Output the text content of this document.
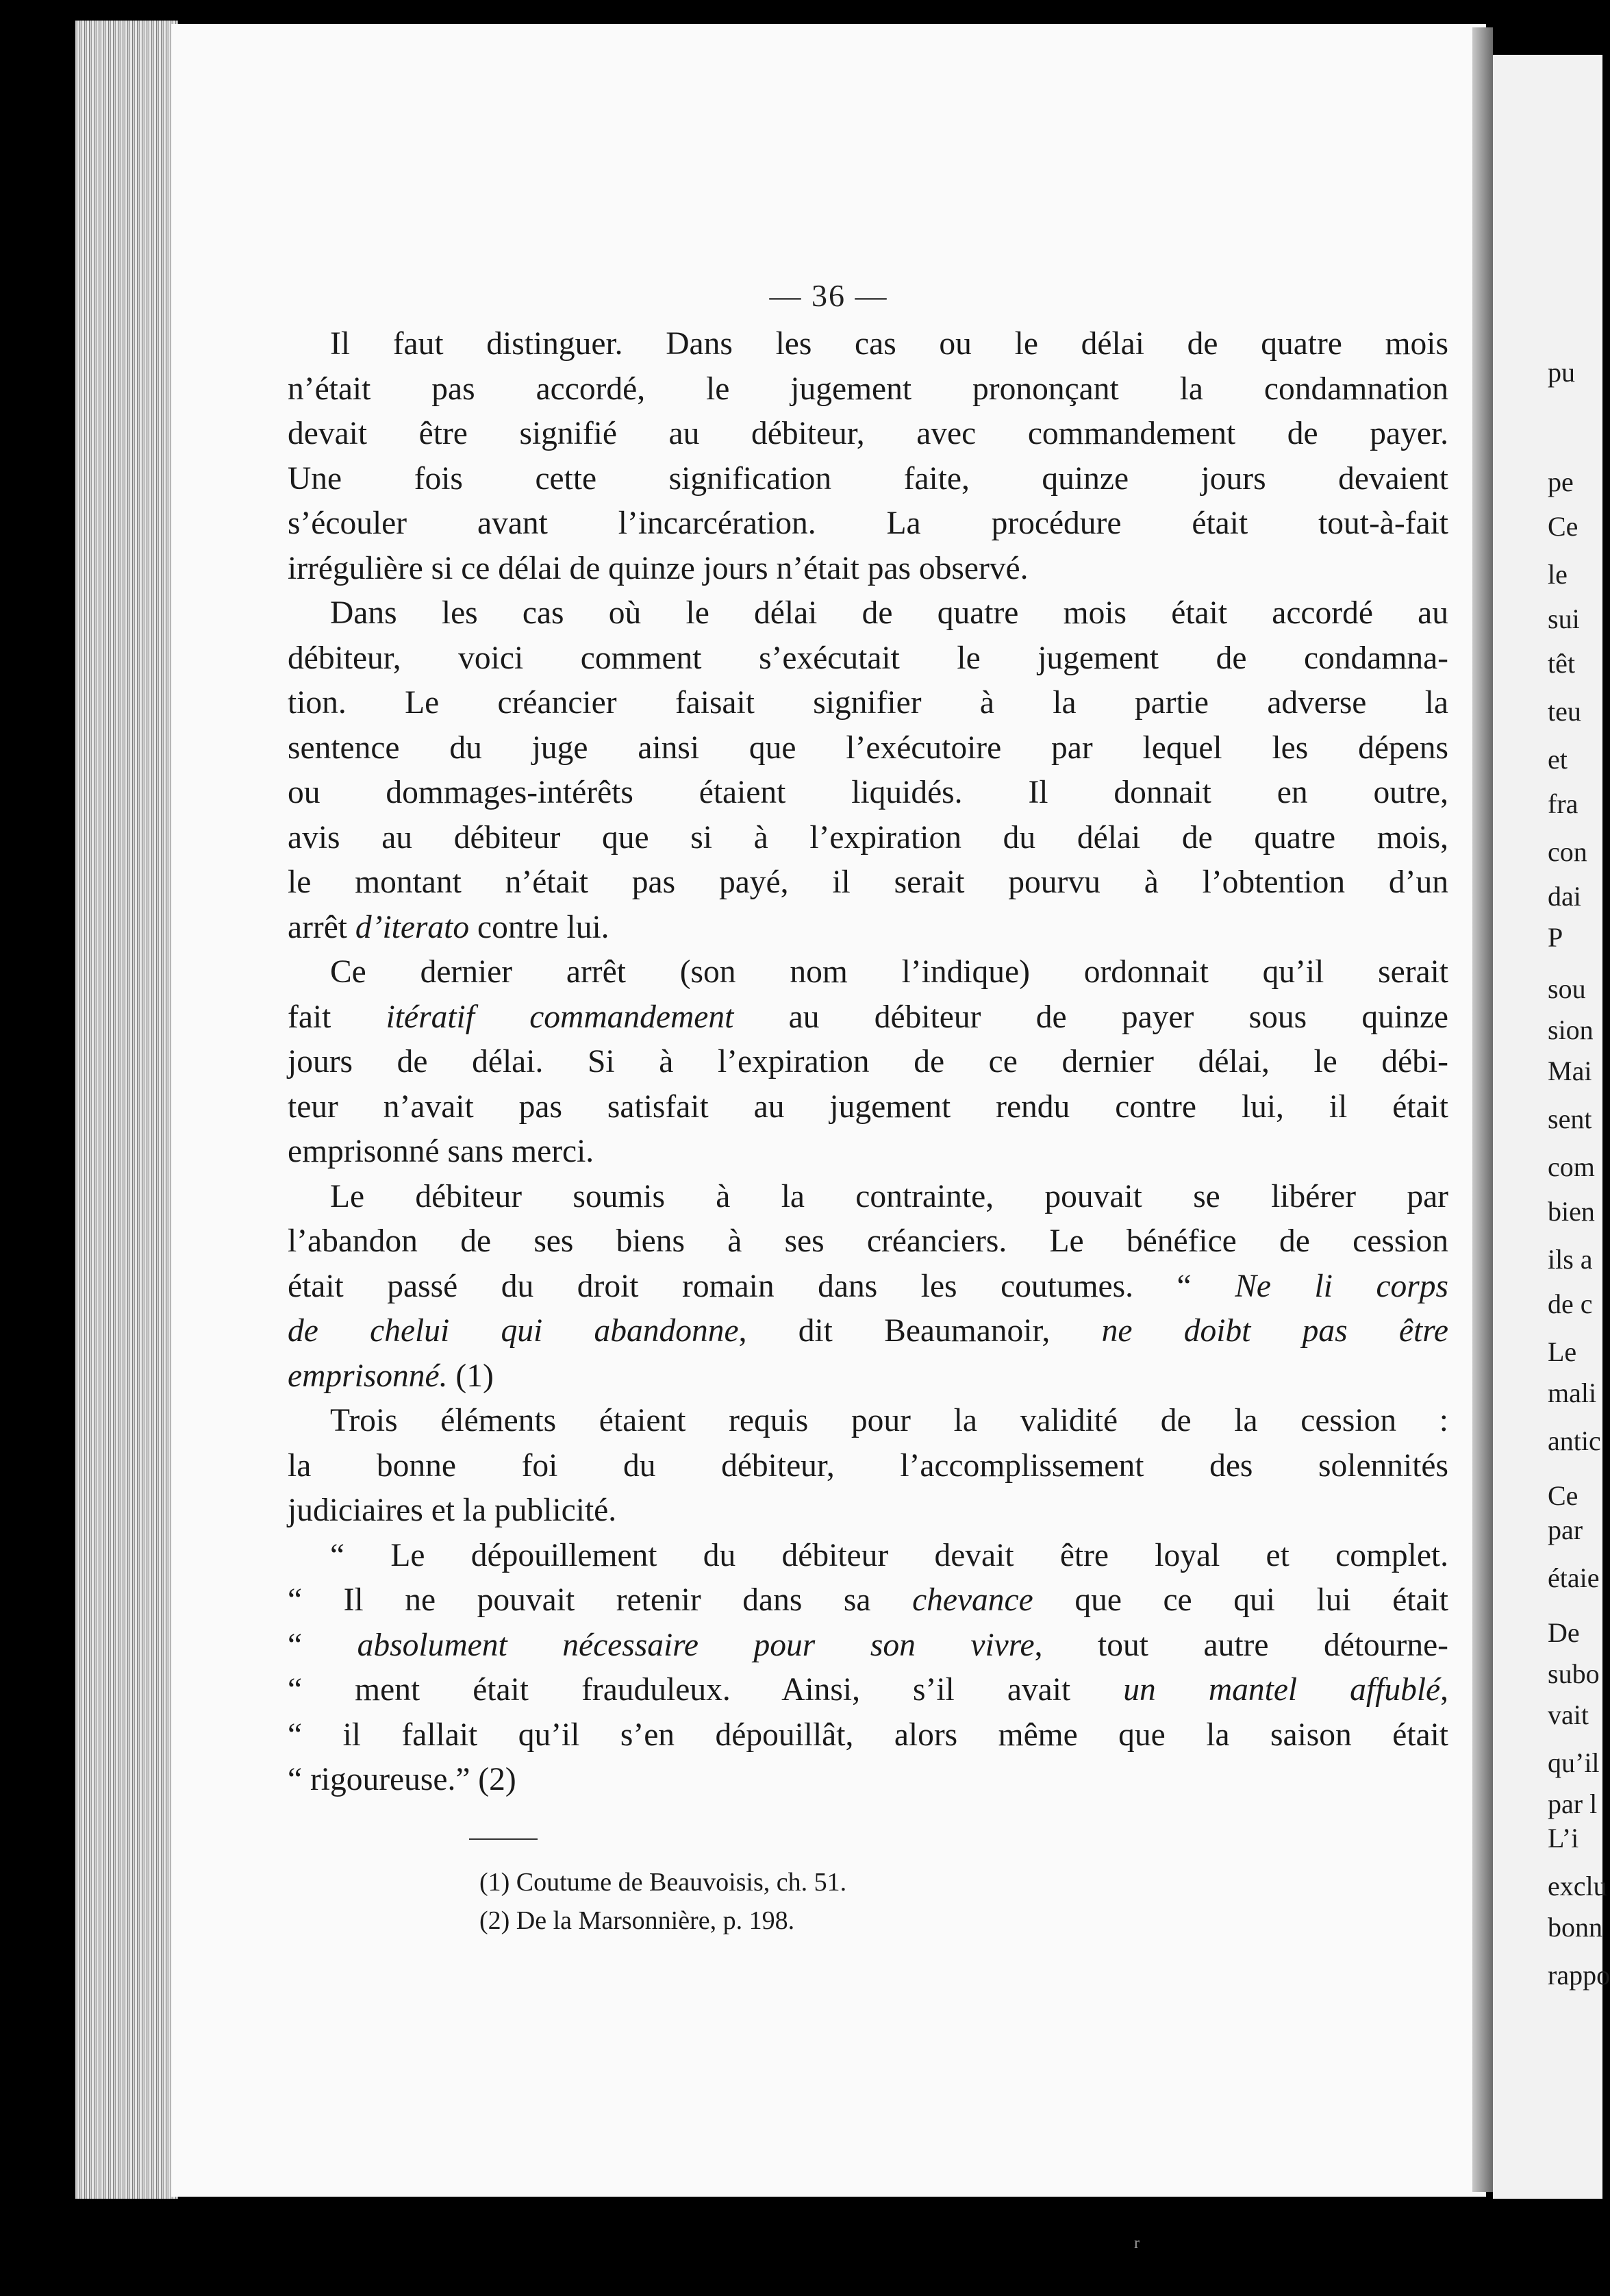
— 36 —
pu
pe
Ce
le
sui
têt
teu
et
fra
con
dai
P
sou
sion
Mai
sent
com
bien
ils a
de c
Le
mali
antic
Ce
par
étaie
De
subo
vait
qu’il
par l
L’i
exclu
bonn
rappo
Il faut distinguer. Dans les cas ou le délai de quatre mois
n’était pas accordé, le jugement prononçant la condamnation
devait être signifié au débiteur, avec commandement de payer.
Une fois cette signification faite, quinze jours devaient
s’écouler avant l’incarcération. La procédure était tout-à-fait
irrégulière si ce délai de quinze jours n’était pas observé.
Dans les cas où le délai de quatre mois était accordé au
débiteur, voici comment s’exécutait le jugement de condamna-
tion. Le créancier faisait signifier à la partie adverse la
sentence du juge ainsi que l’exécutoire par lequel les dépens
ou dommages-intérêts étaient liquidés. Il donnait en outre,
avis au débiteur que si à l’expiration du délai de quatre mois,
le montant n’était pas payé, il serait pourvu à l’obtention d’un
arrêt d’iterato contre lui.
Ce dernier arrêt (son nom l’indique) ordonnait qu’il serait
fait itératif commandement au débiteur de payer sous quinze
jours de délai. Si à l’expiration de ce dernier délai, le débi-
teur n’avait pas satisfait au jugement rendu contre lui, il était
emprisonné sans merci.
Le débiteur soumis à la contrainte, pouvait se libérer par
l’abandon de ses biens à ses créanciers. Le bénéfice de cession
était passé du droit romain dans les coutumes. “ Ne li corps
de chelui qui abandonne, dit Beaumanoir, ne doibt pas être
emprisonné. (1)
Trois éléments étaient requis pour la validité de la cession :
la bonne foi du débiteur, l’accomplissement des solennités
judiciaires et la publicité.
“ Le dépouillement du débiteur devait être loyal et complet.
“ Il ne pouvait retenir dans sa chevance que ce qui lui était
“ absolument nécessaire pour son vivre, tout autre détourne-
“ ment était frauduleux. Ainsi, s’il avait un mantel affublé,
“ il fallait qu’il s’en dépouillât, alors même que la saison était
“ rigoureuse.” (2)
(1) Coutume de Beauvoisis, ch. 51.
(2) De la Marsonnière, p. 198.
r
